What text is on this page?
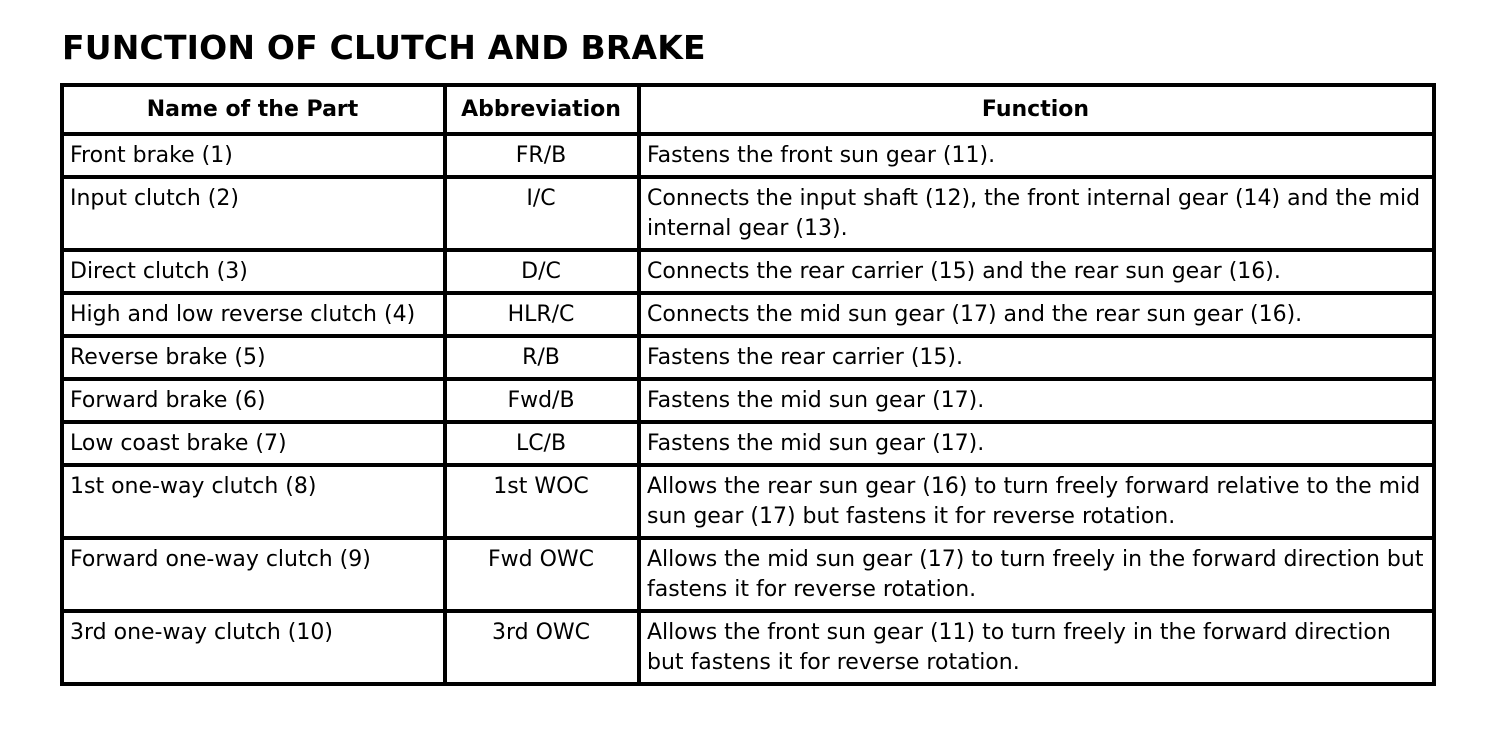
FUNCTION OF CLUTCH AND BRAKE
Name of the Part	Abbreviation	Function
Front brake (1)	FR/B	Fastens the front sun gear (11).
Input clutch (2)	I/C	Connects the input shaft (12), the front internal gear (14) and the mid internal gear (13).
Direct clutch (3)	D/C	Connects the rear carrier (15) and the rear sun gear (16).
High and low reverse clutch (4)	HLR/C	Connects the mid sun gear (17) and the rear sun gear (16).
Reverse brake (5)	R/B	Fastens the rear carrier (15).
Forward brake (6)	Fwd/B	Fastens the mid sun gear (17).
Low coast brake (7)	LC/B	Fastens the mid sun gear (17).
1st one-way clutch (8)	1st WOC	Allows the rear sun gear (16) to turn freely forward relative to the mid sun gear (17) but fastens it for reverse rotation.
Forward one-way clutch (9)	Fwd OWC	Allows the mid sun gear (17) to turn freely in the forward direction but fastens it for reverse rotation.
3rd one-way clutch (10)	3rd OWC	Allows the front sun gear (11) to turn freely in the forward direction but fastens it for reverse rotation.
